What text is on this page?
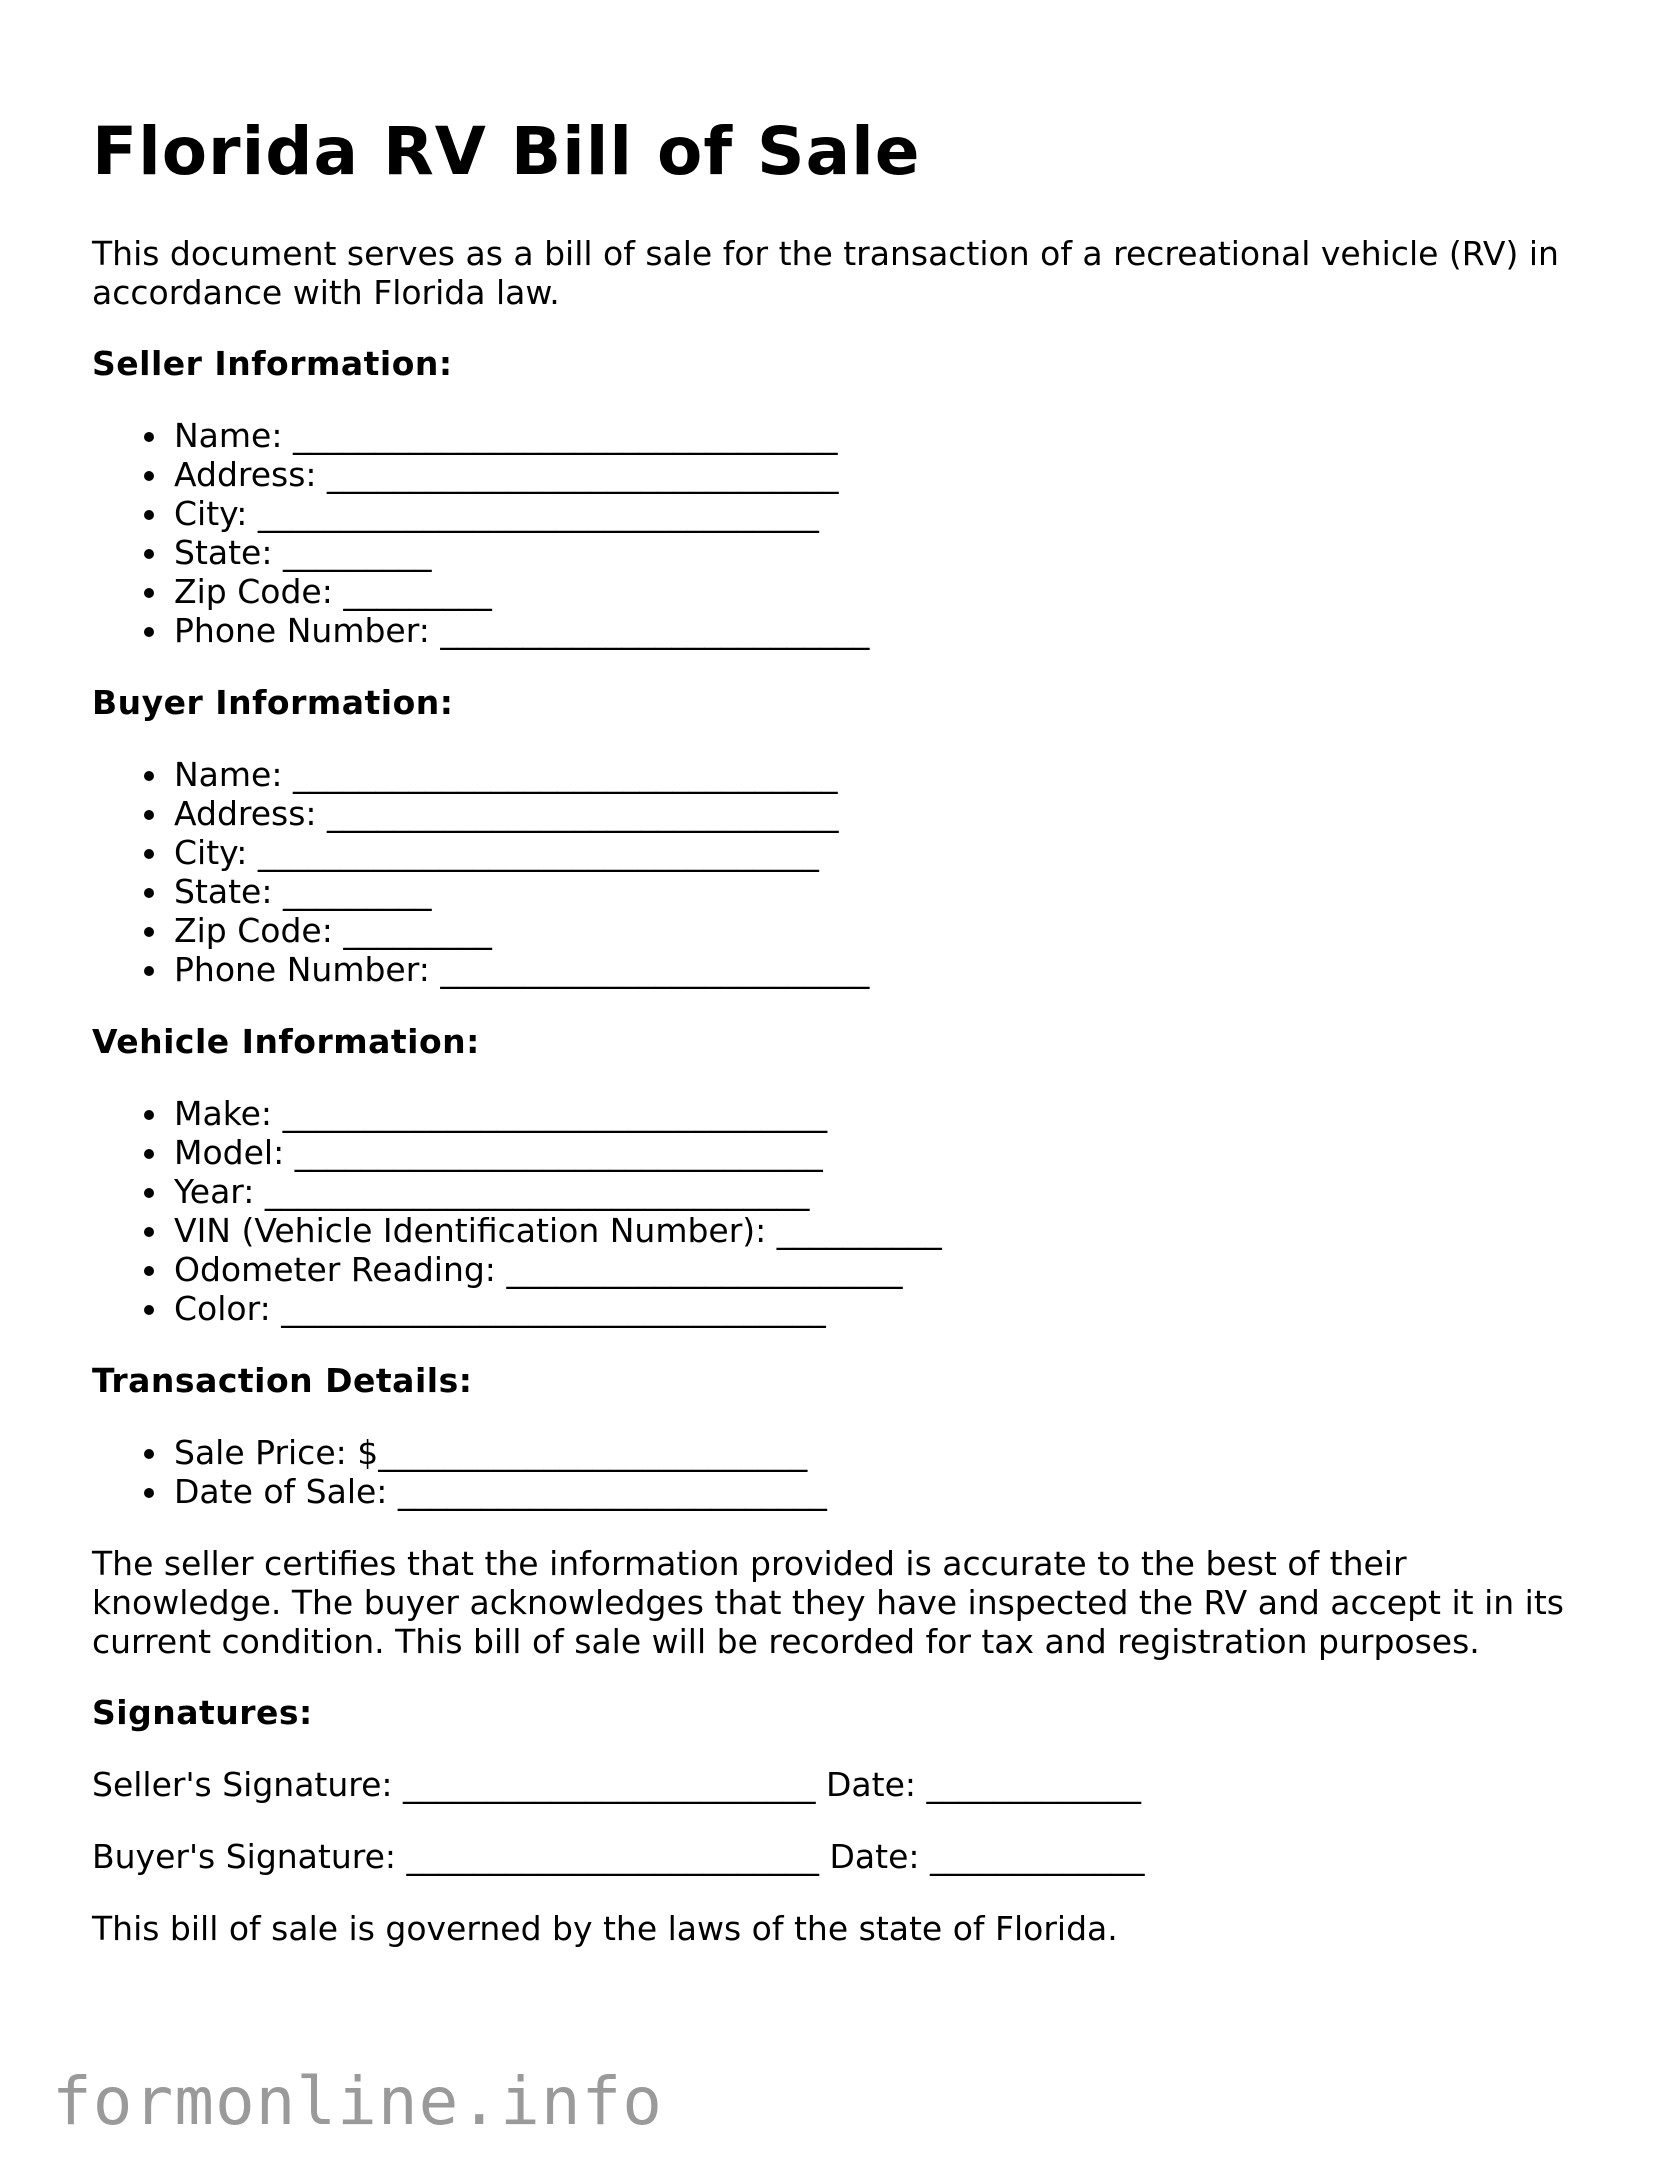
Florida RV Bill of Sale

This document serves as a bill of sale for the transaction of a recreational vehicle (RV) in accordance with Florida law.

Seller Information:
Name: _________________________________
Address: _______________________________
City: __________________________________
State: _________
Zip Code: _________
Phone Number: __________________________
Buyer Information:
Name: _________________________________
Address: _______________________________
City: __________________________________
State: _________
Zip Code: _________
Phone Number: __________________________
Vehicle Information:
Make: _________________________________
Model: ________________________________
Year: _________________________________
VIN (Vehicle Identification Number): __________
Odometer Reading: ________________________
Color: _________________________________
Transaction Details:
Sale Price: $__________________________
Date of Sale: __________________________

The seller certifies that the information provided is accurate to the best of their knowledge. The buyer acknowledges that they have inspected the RV and accept it in its current condition. This bill of sale will be recorded for tax and registration purposes.

Signatures:
Seller's Signature: _________________________ Date: _____________
Buyer's Signature: _________________________ Date: _____________

This bill of sale is governed by the laws of the state of Florida.

formonline.info
